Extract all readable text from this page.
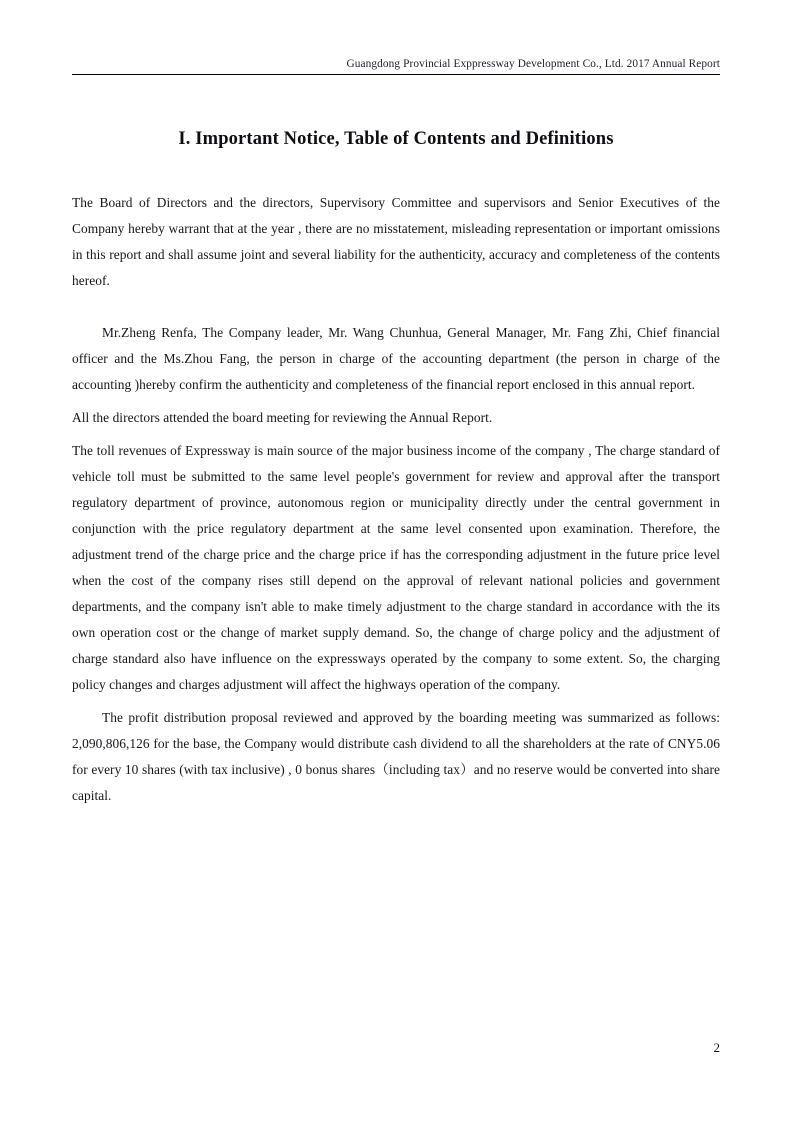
Guangdong Provincial Exppressway Development Co., Ltd. 2017 Annual Report
I. Important Notice, Table of Contents and Definitions

The Board of Directors and the directors, Supervisory Committee and supervisors and Senior Executives of the Company hereby warrant that at the year , there are no misstatement, misleading representation or important omissions in this report and shall assume joint and several liability for the authenticity, accuracy and completeness of the contents hereof.

Mr.Zheng Renfa, The Company leader, Mr. Wang Chunhua, General Manager, Mr. Fang Zhi, Chief financial officer and the Ms.Zhou Fang, the person in charge of the accounting department (the person in charge of the accounting )hereby confirm the authenticity and completeness of the financial report enclosed in this annual report.

All the directors attended the board meeting for reviewing the Annual Report.

The toll revenues of Expressway is main source of the major business income of the company , The charge standard of vehicle toll must be submitted to the same level people's government for review and approval after the transport regulatory department of province, autonomous region or municipality directly under the central government in conjunction with the price regulatory department at the same level consented upon examination. Therefore, the adjustment trend of the charge price and the charge price if has the corresponding adjustment in the future price level when the cost of the company rises still depend on the approval of relevant national policies and government departments, and the company isn't able to make timely adjustment to the charge standard in accordance with the its own operation cost or the change of market supply demand. So, the change of charge policy and the adjustment of charge standard also have influence on the expressways operated by the company to some extent. So, the charging policy changes and charges adjustment will affect the highways operation of the company.

The profit distribution proposal reviewed and approved by the boarding meeting was summarized as follows: 2,090,806,126 for the base, the Company would distribute cash dividend to all the shareholders at the rate of CNY5.06 for every 10 shares (with tax inclusive) , 0 bonus shares（including tax）and no reserve would be converted into share capital.

2
